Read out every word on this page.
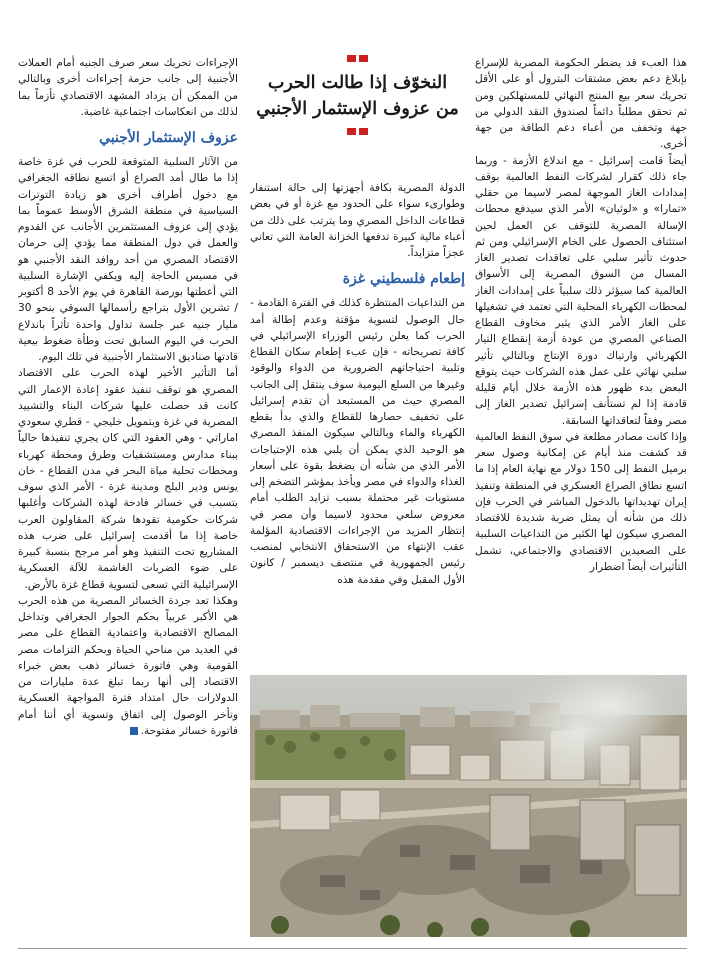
هذا العبء قد يضطر الحكومة المصرية للإسراع بإبلاغ دعم بعض مشتقات البترول أو على الأقل تحريك سعر بيع المنتج النهائي للمستهلكين ومن ثم تحقق مطلباً دائماً لصندوق النقد الدولي من جهة وتخفف من أعباء دعم الطاقة من جهة أخرى.

أيضاً قامت إسرائيل - مع اندلاع الأزمة - وربما جاء ذلك كقرار لشركات النفط العالمية بوقف إمدادات الغاز الموجهة لمصر لاسيما من حقلي «تمارا» و «لوثيان» الأمر الذي سيدفع محطات الإسالة المصرية للتوقف عن العمل لحين استئناف الحصول على الخام الإسرائيلي ومن ثم حدوث تأثير سلبي على تعاقدات تصدير الغاز المسال من السوق المصرية إلى الأسواق العالمية كما سيؤثر ذلك سلبياً على إمدادات الغاز لمحطات الكهرباء المحلية التي تعتمد في تشغيلها على الغاز الأمر الذي يثير مخاوف القطاع الصناعي المصري من عودة أزمة إنقطاع التيار الكهربائي وارتباك دورة الإنتاج وبالتالي تأثير سلبي نهائي على عمل هذه الشركات حيث يتوقع البعض بدء ظهور هذه الأزمة خلال أيام قليلة قادمة إذا لم تستأنف إسرائيل تصدير الغاز إلى مصر وفقاً لتعاقداتها السابقة.

وإذا كانت مصادر مطلعة في سوق النفط العالمية قد كشفت منذ أيام عن إمكانية وصول سعر برميل النفط إلى 150 دولار مع نهاية العام إذا ما اتسع نطاق الصراع العسكري في المنطقة وتنفيذ إيران تهديداتها بالدخول المباشر في الحرب فإن ذلك من شأنه أن يمثل ضربة شديدة للاقتصاد المصري سيكون لها الكثير من التداعيات السلبية على الصعيدين الاقتصادي والاجتماعي، تشمل التأثيرات أيضاً اضطرار

النخوّف إذا طالت الحرب
من عزوف الإستثمار الأجنبي

الدولة المصرية بكافة أجهزتها إلى حالة استنفار وطوارىء سواء على الحدود مع غزة أو في بعض قطاعات الداخل المصري وما يترتب على ذلك من أعباء مالية كبيرة تدفعها الخزانة العامة التي تعاني عجزاً متزايداً.

إطعام فلسطيني غزة

من التداعيات المنتظرة كذلك في الفترة القادمة - حال الوصول لتسوية مؤقتة وعدم إطالة أمد الحرب كما يعلن رئيس الوزراء الإسرائيلي في كافة تصريحاته - فإن عبء إطعام سكان القطاع وتلبية احتياجاتهم الضرورية من الدواء والوقود وغيرها من السلع اليومية سوف ينتقل إلى الجانب المصري حيث من المستبعد أن تقدم إسرائيل على تخفيف حصارها للقطاع والذي بدأ بقطع الكهرباء والماء وبالتالي سيكون المنفذ المصري هو الوحيد الذي يمكن أن يلبي هذه الإحتياجات الأمر الذي من شأنه أن يضغط بقوة على أسعار الغذاء والدواء في مصر ويأخذ بمؤشر التضخم إلى مستويات غير محتملة بسبب تزايد الطلب أمام معروض سلعي محدود لاسيما وأن مصر في إنتظار المزيد من الإجراءات الاقتصادية المؤلمة عقب الإنتهاء من الاستحقاق الانتخابي لمنصب رئيس الجمهورية في منتصف ديسمبر / كانون الأول المقبل وفي مقدمة هذه

الإجراءات تحريك سعر صرف الجنيه أمام العملات الأجنبية إلى جانب حزمة إجراءات أخرى وبالتالي من الممكن أن يزداد المشهد الاقتصادي تأزماً بما لذلك من انعكاسات اجتماعية غاضبة.

عزوف الإستثمار الأجنبي

من الآثار السلبية المتوقعة للحرب في غزة خاصة إذا ما طال أمد الصراع أو اتسع نطاقه الجغرافي مع دخول أطراف أخرى هو زيادة التوترات السياسية في منطقة الشرق الأوسط عموماً بما يؤدي إلى عزوف المستثمرين الأجانب عن القدوم والعمل في دول المنطقة مما يؤدي إلى حرمان الاقتصاد المصري من أحد روافد النقد الأجنبي هو في مسيس الحاجة إليه ويكفي الإشارة السلبية التي أعطتها بورصة القاهرة في يوم الأحد 8 أكتوبر / تشرين الأول بتراجع رأسمالها السوقي بنحو 30 مليار جنيه عبر جلسة تداول واحدة تأثراً باندلاع الحرب في اليوم السابق تحت وطأة ضغوط بيعية قادتها صناديق الاستثمار الأجنبية في تلك اليوم.

أما التأثير الأخير لهذه الحرب على الاقتصاد المصري هو توقف تنفيذ عقود إعادة الإعمار التي كانت قد حصلت عليها شركات البناء والتشييد المصرية في غزة وبتمويل خليجي - قطري سعودي اماراتي - وهي العقود التي كان يجري تنفيذها حالياً ببناء مدارس ومستشفيات وطرق ومحطة كهرباء ومحطات تحلية مياة البحر في مدن القطاع - خان يونس ودير البلح ومدينة غزة - الأمر الذي سوف يتسبب في خسائر فادحة لهذه الشركات وأغلبها شركات حكومية تقودها شركة المقاولون العرب خاصة إذا ما أقدمت إسرائيل على ضرب هذه المشاريع تحت التنفيذ وهو أمر مرجح بنسبة كبيرة على ضوء الضربات الغاشمة للآلة العسكرية الإسرائيلية التي تسعى لتسوية قطاع غزة بالأرض.

وهكذا تعد جردة الخسائر المصرية من هذه الحرب هي الأكبر عربياً بحكم الجوار الجغرافي وتداخل المصالح الاقتصادية واعتمادية القطاع على مصر في العديد من مناحي الحياة وبحكم التزامات مصر القومية وهي فاتورة خسائر ذهب بعض خبراء الاقتصاد إلى أنها ربما تبلغ عدة مليارات من الدولارات حال امتداد فترة المواجهة العسكرية وتأخر الوصول إلى اتفاق وتسوية أي أننا أمام فاتورة خسائر مفتوحة.
